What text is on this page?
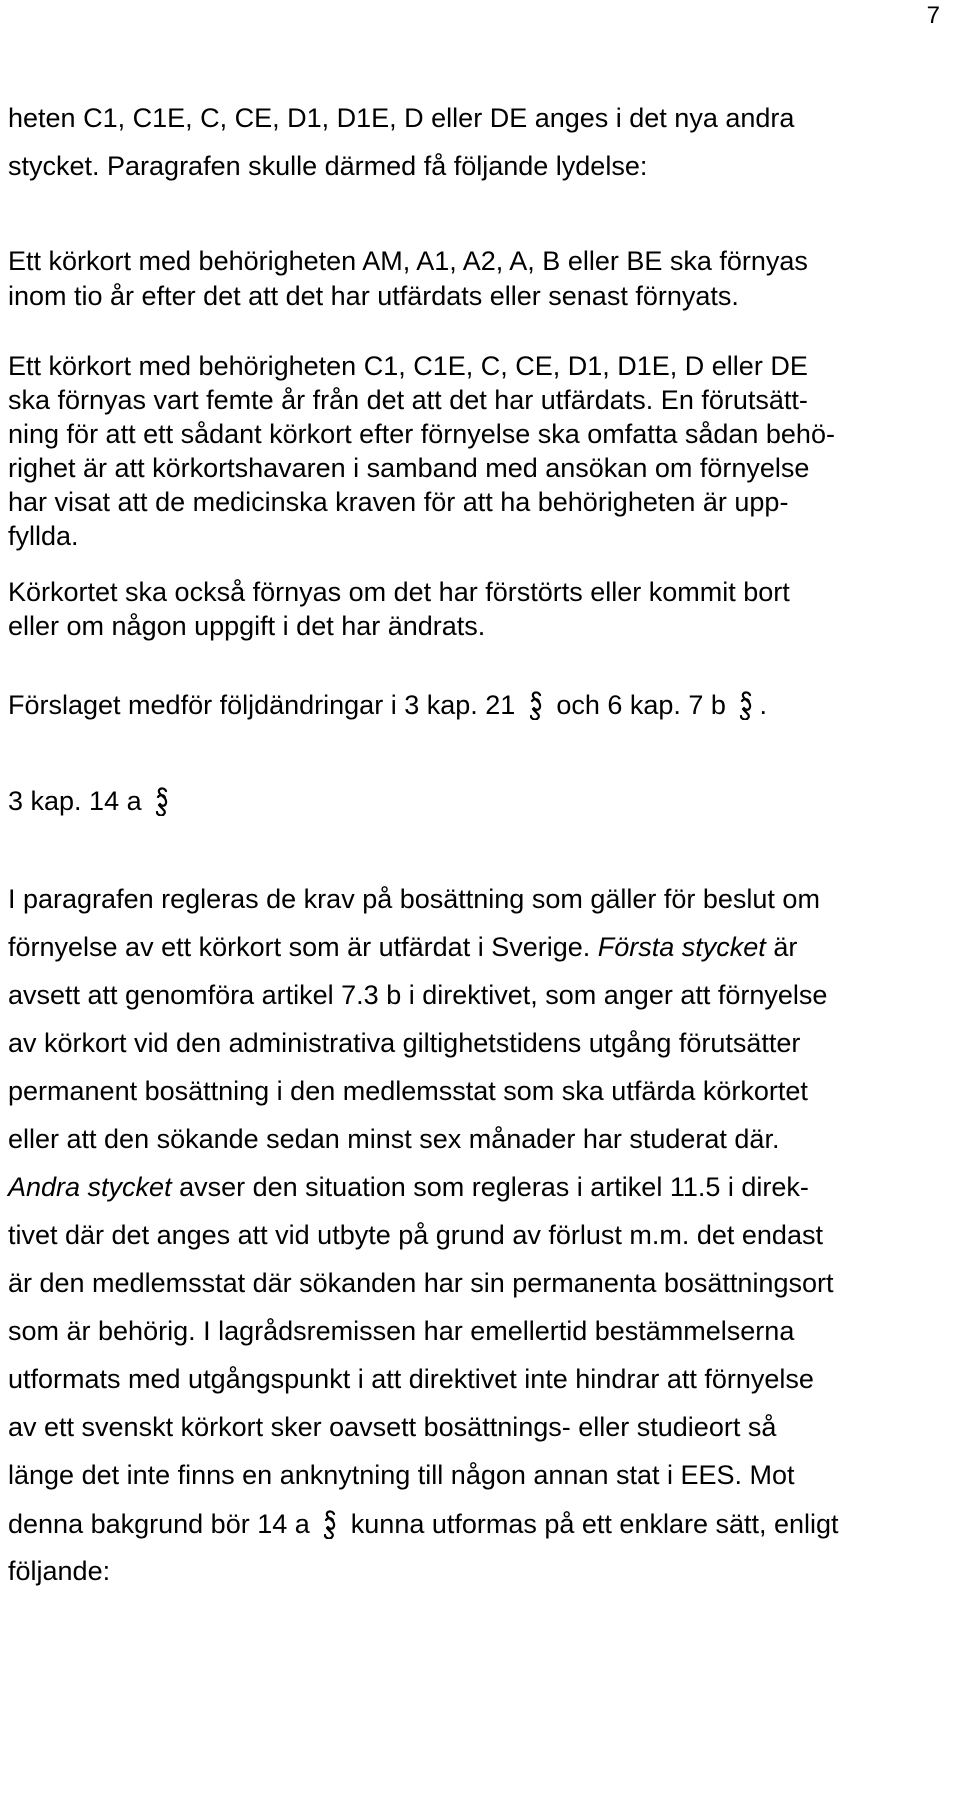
7
heten C1, C1E, C, CE, D1, D1E, D eller DE anges i det nya andra
stycket. Paragrafen skulle därmed få följande lydelse:
Ett körkort med behörigheten AM, A1, A2, A, B eller BE ska förnyas
inom tio år efter det att det har utfärdats eller senast förnyats.
Ett körkort med behörigheten C1, C1E, C, CE, D1, D1E, D eller DE
ska förnyas vart femte år från det att det har utfärdats. En förutsätt-
ning för att ett sådant körkort efter förnyelse ska omfatta sådan behö-
righet är att körkortshavaren i samband med ansökan om förnyelse
har visat att de medicinska kraven för att ha behörigheten är upp-
fyllda.
Körkortet ska också förnyas om det har förstörts eller kommit bort
eller om någon uppgift i det har ändrats.
Förslaget medför följdändringar i 3 kap. 21 och 6 kap. 7 b .
3 kap. 14 a
I paragrafen regleras de krav på bosättning som gäller för beslut om
förnyelse av ett körkort som är utfärdat i Sverige. Första stycket är
avsett att genomföra artikel 7.3 b i direktivet, som anger att förnyelse
av körkort vid den administrativa giltighetstidens utgång förutsätter
permanent bosättning i den medlemsstat som ska utfärda körkortet
eller att den sökande sedan minst sex månader har studerat där.
Andra stycket avser den situation som regleras i artikel 11.5 i direk-
tivet där det anges att vid utbyte på grund av förlust m.m. det endast
är den medlemsstat där sökanden har sin permanenta bosättningsort
som är behörig. I lagrådsremissen har emellertid bestämmelserna
utformats med utgångspunkt i att direktivet inte hindrar att förnyelse
av ett svenskt körkort sker oavsett bosättnings- eller studieort så
länge det inte finns en anknytning till någon annan stat i EES. Mot
denna bakgrund bör 14 a kunna utformas på ett enklare sätt, enligt
följande:
